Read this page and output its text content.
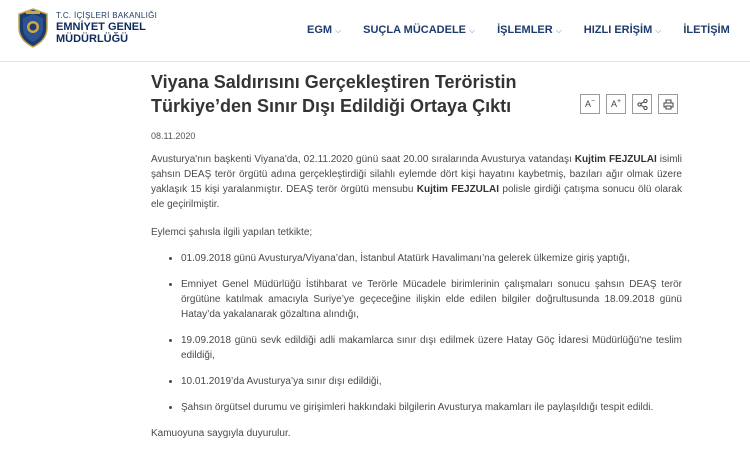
T.C. İÇİŞLERİ BAKANLIĞI
EMNİYET GENEL
MÜDÜRLÜĞÜ
EGM ⌵ SUÇLA MÜCADELE ⌵ İŞLEMLER ⌵ HIZLI ERİŞİM ⌵ İLETİŞİM
Viyana Saldırısını Gerçekleştiren Teröristin
Türkiye’den Sınır Dışı Edildiği Ortaya Çıktı	A − A +
08.11.2020

Avusturya'nın başkenti Viyana'da, 02.11.2020 günü saat 20.00 sıralarında Avusturya vatandaşı Kujtim FEJZULAI isimli şahsın DEAŞ terör örgütü adına gerçekleştirdiği silahlı eylemde dört kişi hayatını kaybetmiş, bazıları ağır olmak üzere yaklaşık 15 kişi yaralanmıştır. DEAŞ terör örgütü mensubu Kujtim FEJZULAI polisle girdiği çatışma sonucu ölü olarak ele geçirilmiştir.

Eylemci şahısla ilgili yapılan tetkikte;

01.09.2018 günü Avusturya/Viyana’dan, İstanbul Atatürk Havalimanı’na gelerek ülkemize giriş yaptığı,
Emniyet Genel Müdürlüğü İstihbarat ve Terörle Mücadele birimlerinin çalışmaları sonucu şahsın DEAŞ terör örgütüne katılmak amacıyla Suriye’ye geçeceğine ilişkin elde edilen bilgiler doğrultusunda 18.09.2018 günü Hatay’da yakalanarak gözaltına alındığı,
19.09.2018 günü sevk edildiği adli makamlarca sınır dışı edilmek üzere Hatay Göç İdaresi Müdürlüğü'ne teslim edildiği,
10.01.2019’da Avusturya’ya sınır dışı edildiği,
Şahsın örgütsel durumu ve girişimleri hakkındaki bilgilerin Avusturya makamları ile paylaşıldığı tespit edildi.

Kamuoyuna saygıyla duyurulur.
